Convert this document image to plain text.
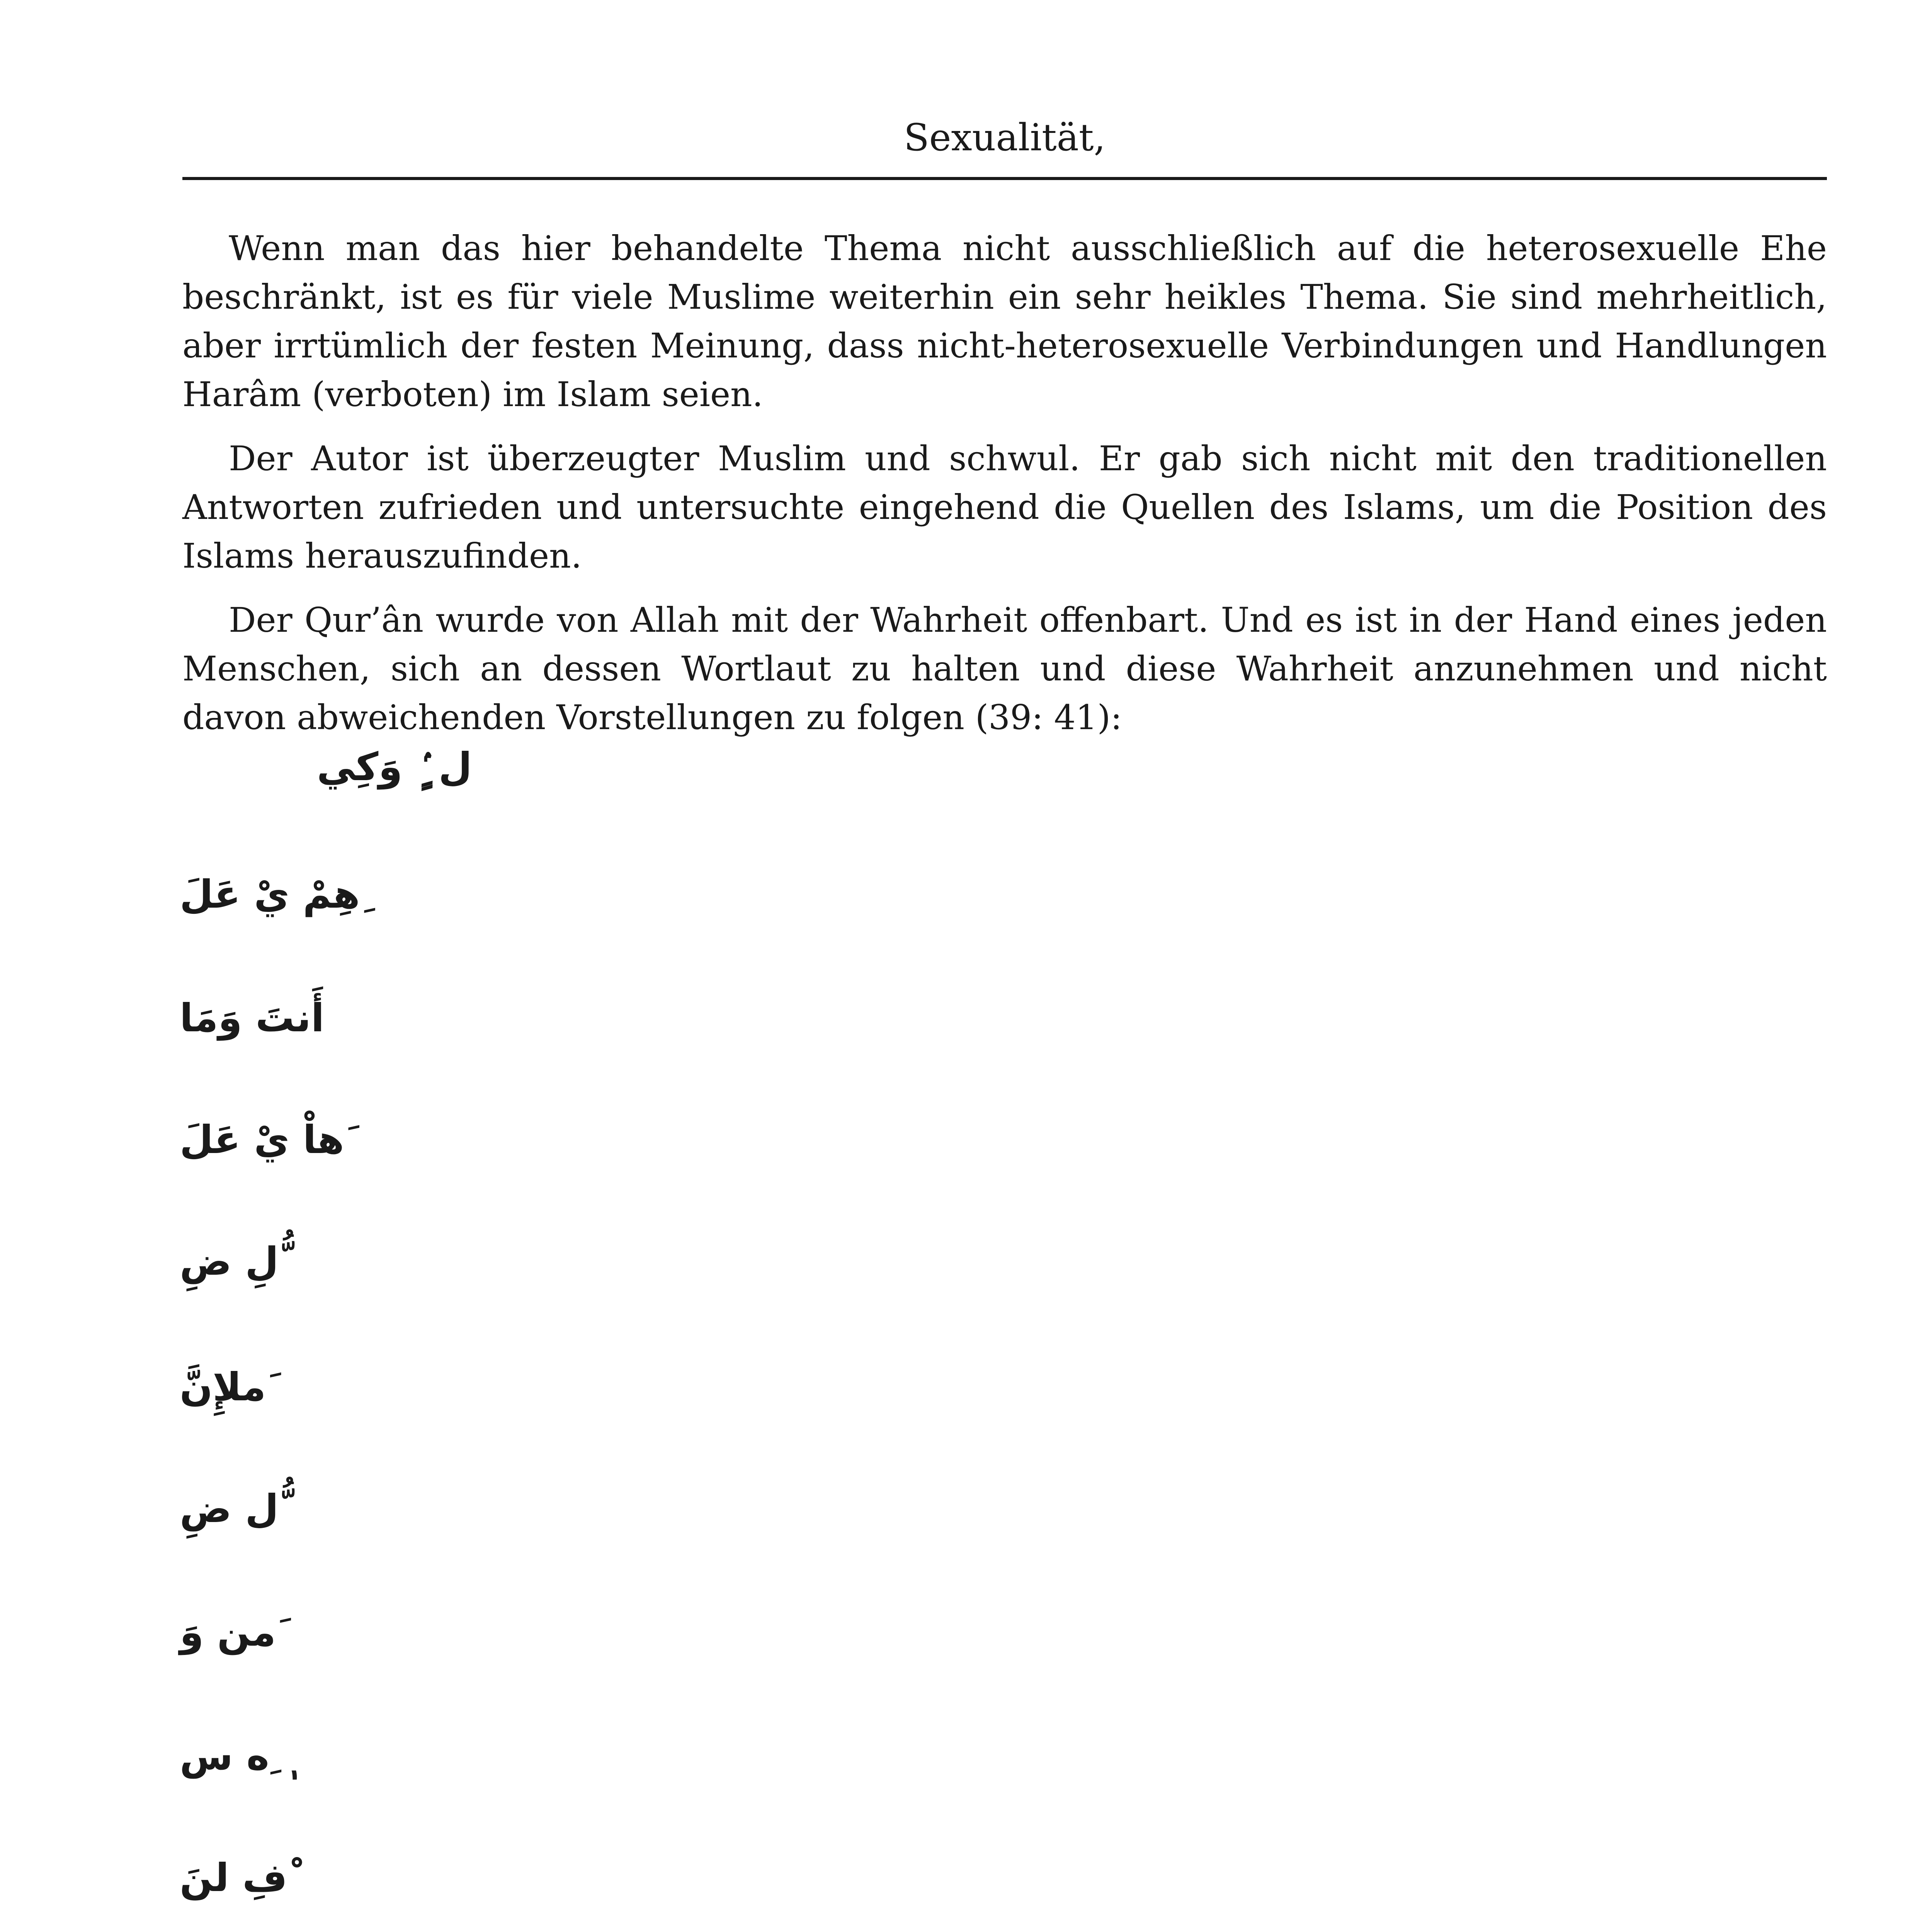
Sexualität,

Wenn man das hier behandelte Thema nicht ausschließlich auf die heterosexuelle Ehe beschränkt, ist es für viele Muslime weiterhin ein sehr heikles Thema. Sie sind mehrheitlich, aber irrtümlich der festen Meinung, dass nicht-heterosexuelle Verbindungen und Handlungen Harâm (verboten) im Islam seien.

Der Autor ist überzeugter Muslim und schwul. Er gab sich nicht mit den traditionellen Antworten zufrieden und untersuchte eingehend die Quellen des Islams, um die Position des Islams herauszufinden.

Der Qur’ân wurde von Allah mit der Wahrheit offenbart. Und es ist in der Hand eines jeden Menschen, sich an dessen Wortlaut zu halten und diese Wahrheit anzunehmen und nicht davon abweichenden Vorstellungen zu folgen (39: 41):

ل ٍۢ وَكِي
ِهِمْ يْ عَلَ
أَنتَ وَمَا
َهاْ يْ عَلَ
ُّلِ ضِ
َملإِنَّ
ُّل ضِ
َمن وَ
ٖ ِه س
ْفِ لنَ
